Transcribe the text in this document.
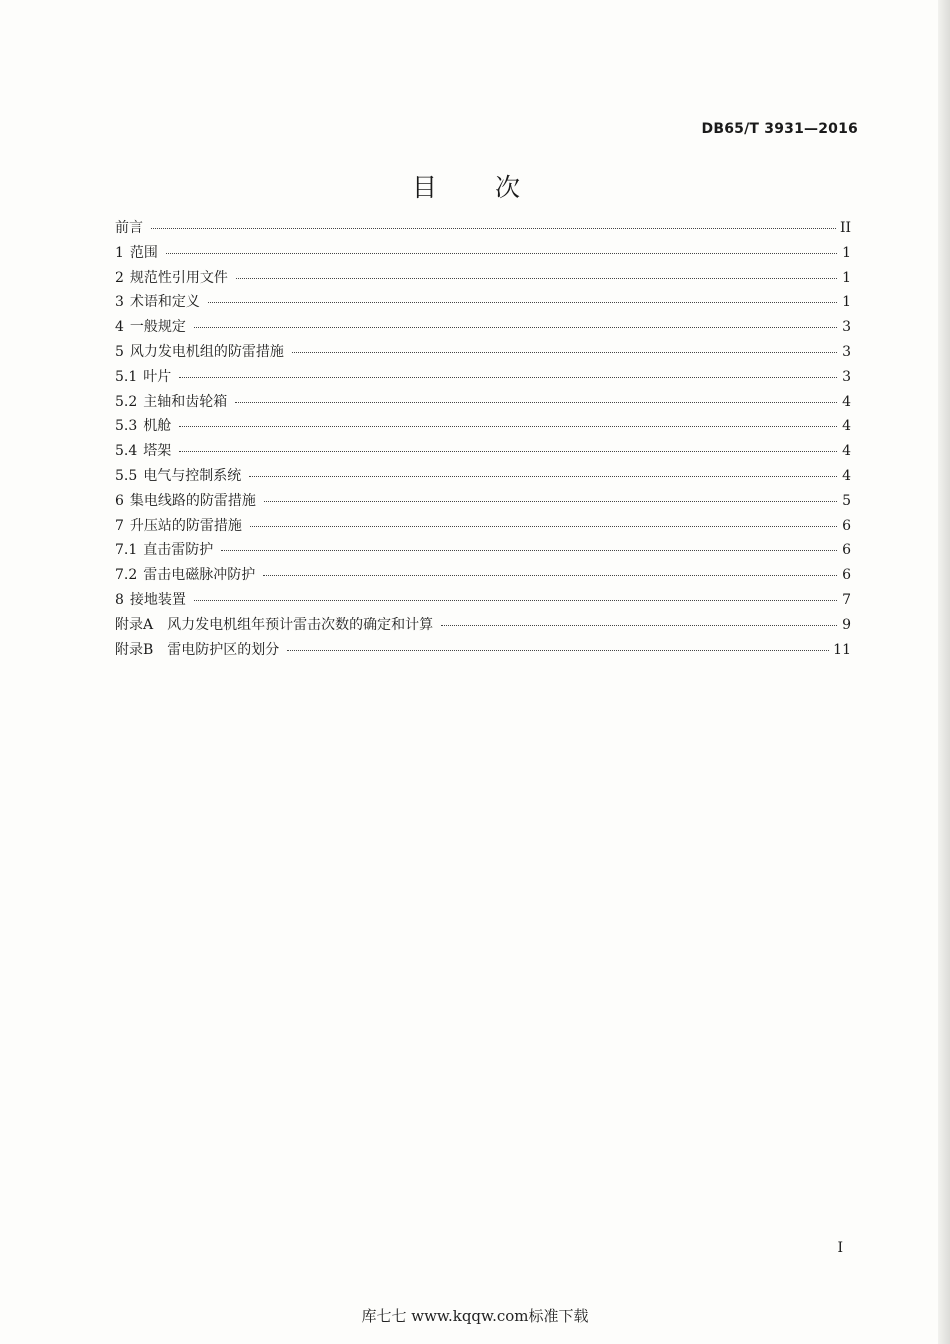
DB65/T 3931—2016
目次
前言	II
1 范围	1
2 规范性引用文件	1
3 术语和定义	1
4 一般规定	3
5 风力发电机组的防雷措施	3
5.1 叶片	3
5.2 主轴和齿轮箱	4
5.3 机舱	4
5.4 塔架	4
5.5 电气与控制系统	4
6 集电线路的防雷措施	5
7 升压站的防雷措施	6
7.1 直击雷防护	6
7.2 雷击电磁脉冲防护	6
8 接地装置	7
附录A 风力发电机组年预计雷击次数的确定和计算	9
附录B 雷电防护区的划分	11
I
库七七 www.kqqw.com标准下载
